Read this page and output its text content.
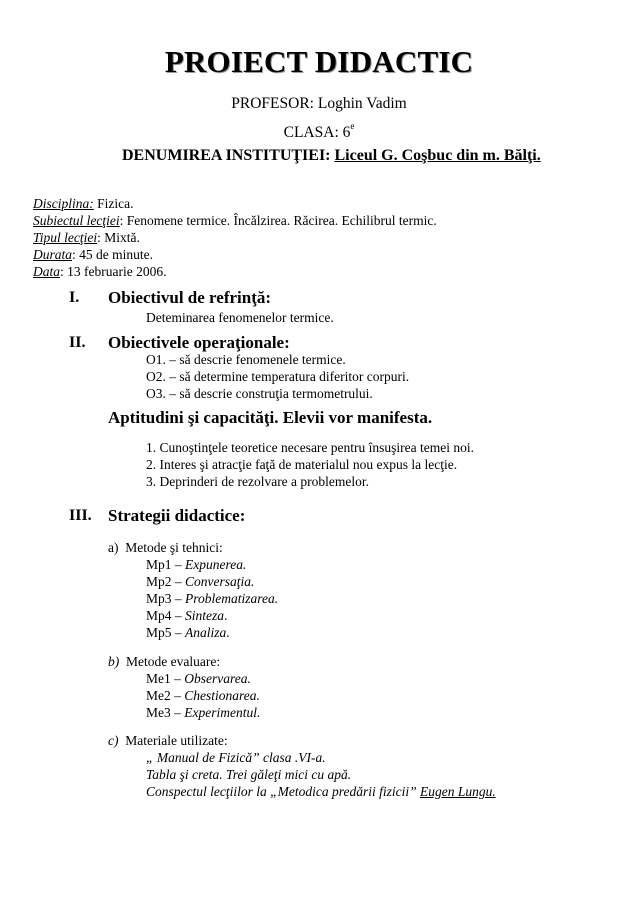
PROIECT DIDACTIC
PROFESOR: Loghin Vadim
CLASA: 6e
DENUMIREA INSTITUŢIEI: Liceul G. Coşbuc din m. Bălţi.
Disciplina: Fizica.
Subiectul lecţiei: Fenomene termice. Încălzirea. Răcirea. Echilibrul termic.
Tipul lecţiei: Mixtă.
Durata: 45 de minute.
Data: 13 februarie 2006.
I. Obiectivul de refrinţă:
Deteminarea fenomenelor termice.
II. Obiectivele operaţionale:
O1. – să descrie fenomenele termice.
O2. – să determine temperatura diferitor corpuri.
O3. – să descrie construţia termometrului.
Aptitudini şi capacităţi. Elevii vor manifesta.
1. Cunoştinţele teoretice necesare pentru însuşirea temei noi.
2. Interes şi atracţie faţă de materialul nou expus la lecţie.
3. Deprinderi de rezolvare a problemelor.
III. Strategii didactice:
a) Metode şi tehnici:
Mp1 – Expunerea.
Mp2 – Conversaţia.
Mp3 – Problematizarea.
Mp4 – Sinteza.
Mp5 – Analiza.
b) Metode evaluare:
Me1 – Observarea.
Me2 – Chestionarea.
Me3 – Experimentul.
c) Materiale utilizate:
„ Manual de Fizică” clasa .VI-a.
Tabla şi creta. Trei găleţi mici cu apă.
Conspectul lecţiilor la „Metodica predării fizicii” Eugen Lungu.
